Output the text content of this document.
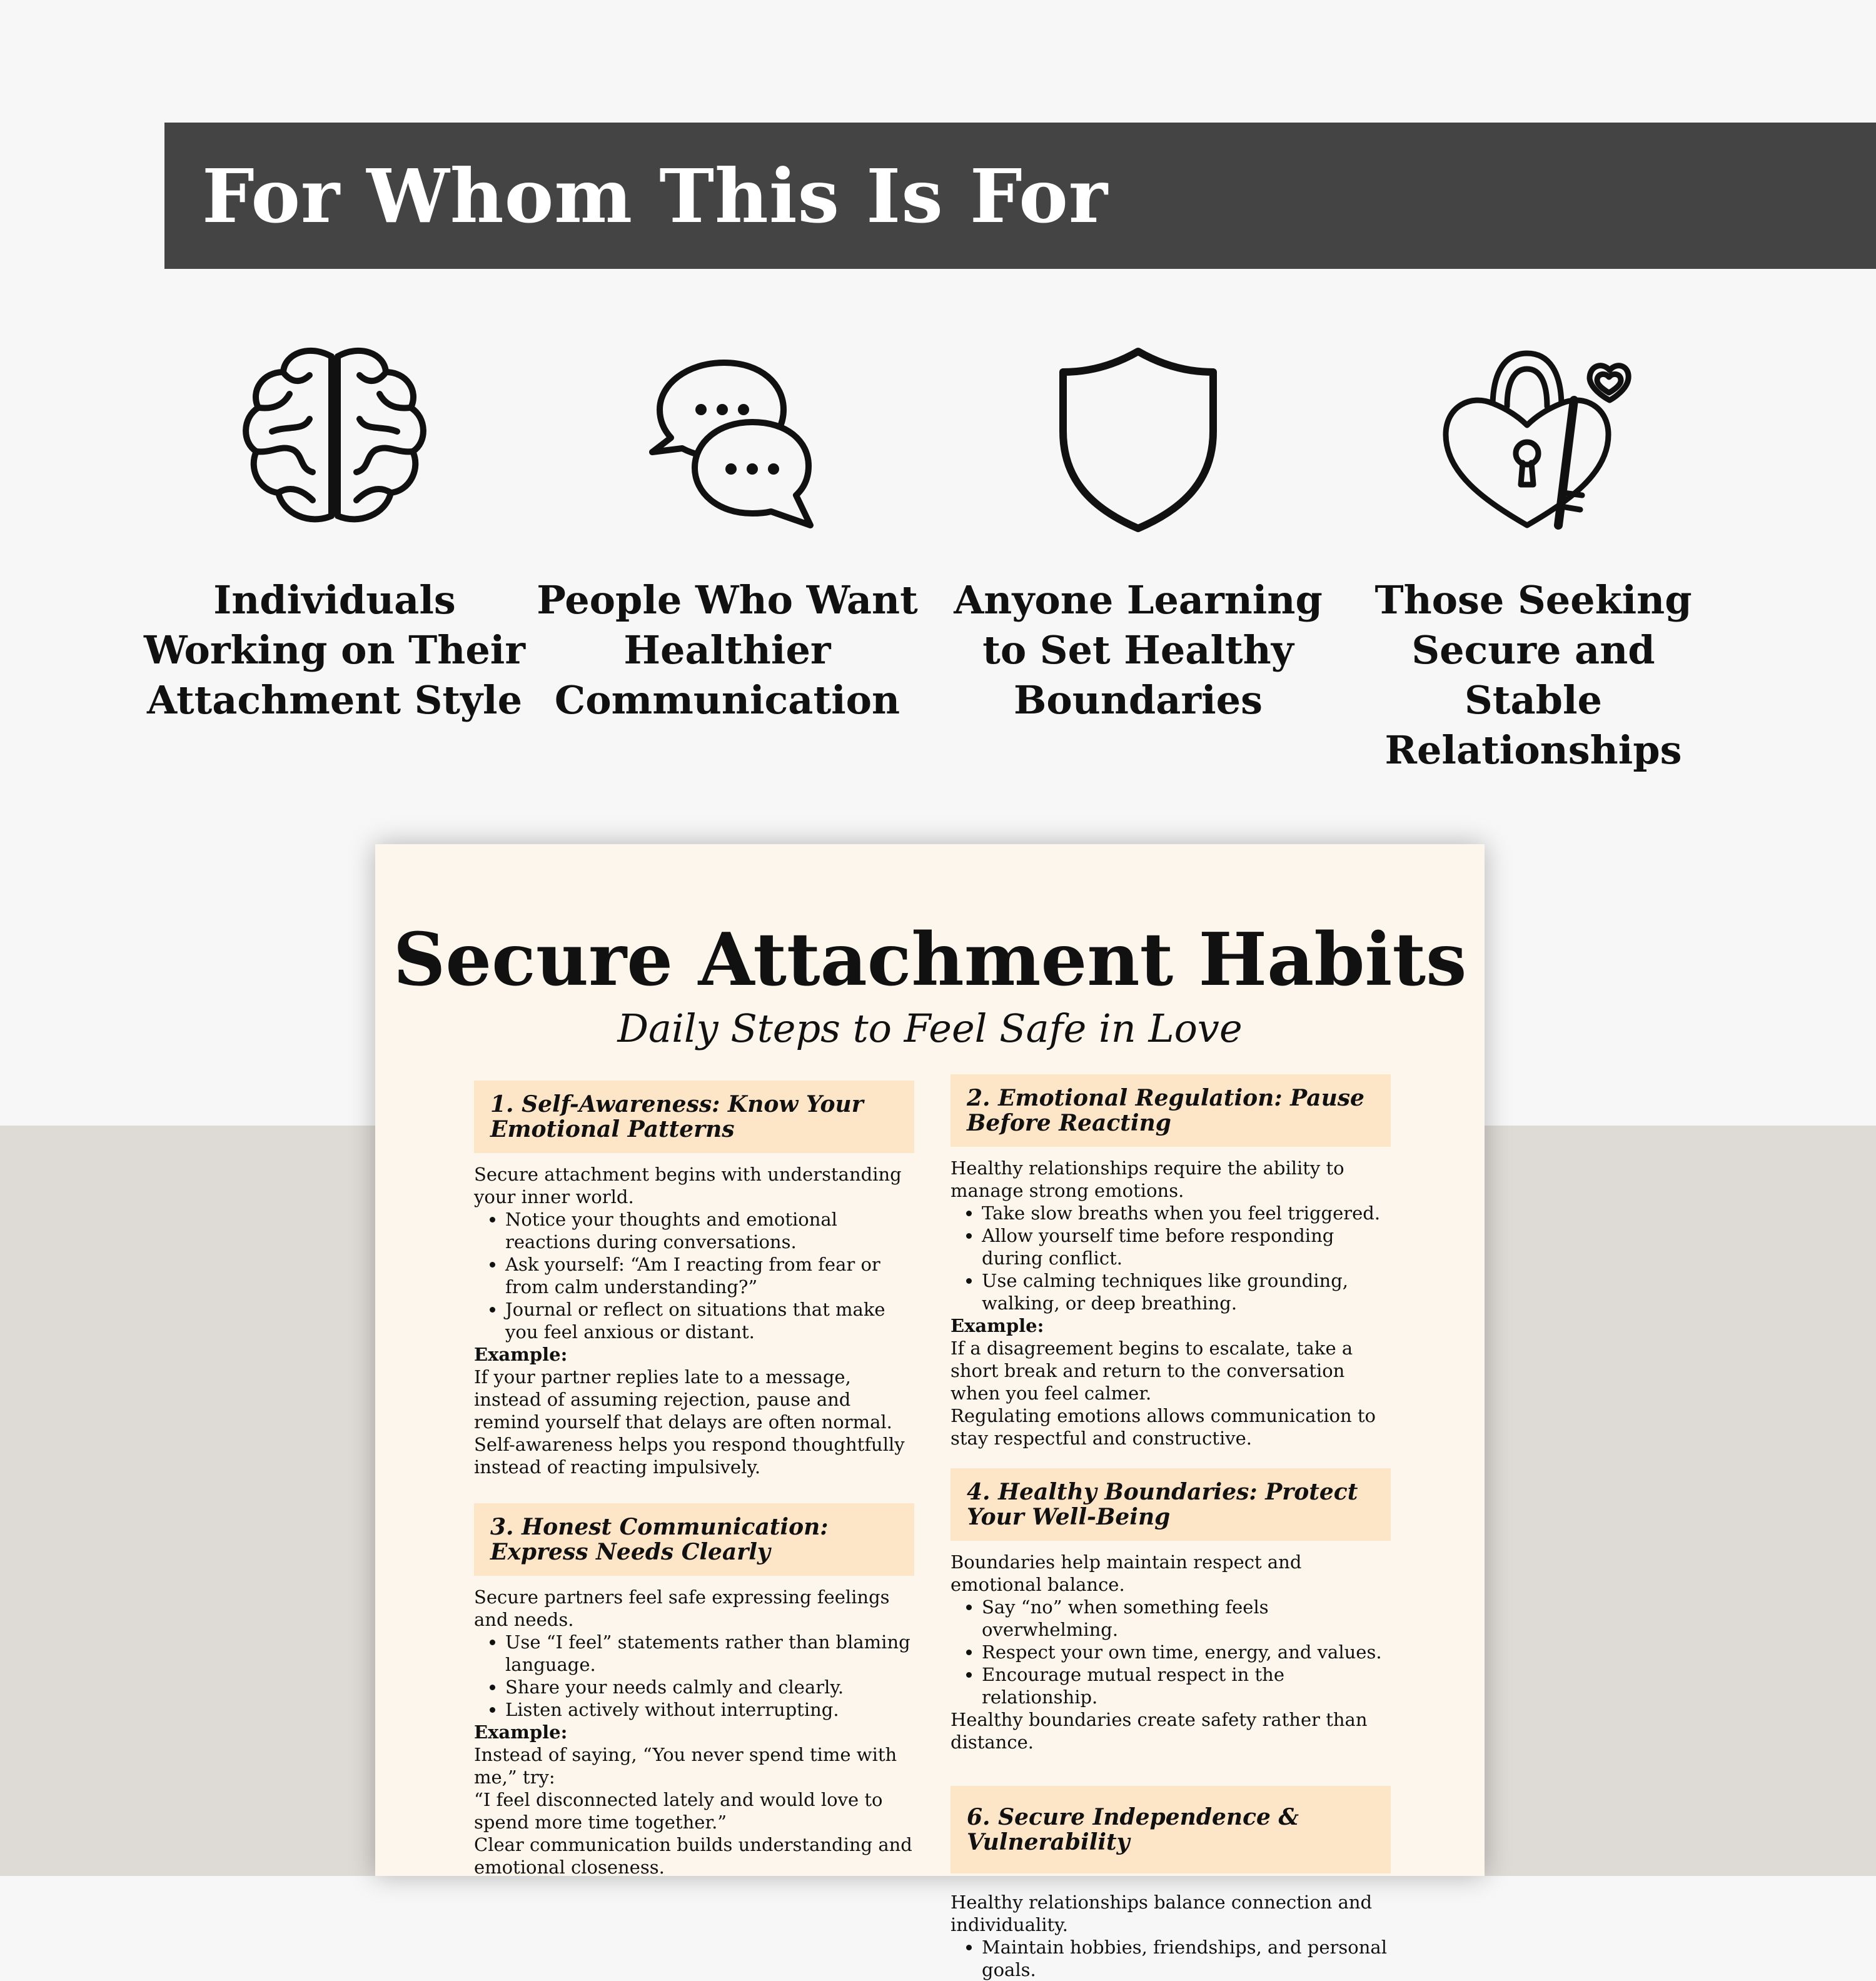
For Whom This Is For
Individuals Working on Their Attachment Style
People Who Want Healthier Communication
Anyone Learning to Set Healthy Boundaries
Those Seeking Secure and Stable Relationships
Secure Attachment Habits
Daily Steps to Feel Safe in Love
1. Self-Awareness: Know Your Emotional Patterns

Secure attachment begins with understanding your inner world.

• Notice your thoughts and emotional reactions during conversations.
• Ask yourself: “Am I reacting from fear or from calm understanding?”
• Journal or reflect on situations that make you feel anxious or distant.

Example:

If your partner replies late to a message, instead of assuming rejection, pause and remind yourself that delays are often normal.

Self-awareness helps you respond thoughtfully instead of reacting impulsively.

3. Honest Communication: Express Needs Clearly

Secure partners feel safe expressing feelings and needs.

• Use “I feel” statements rather than blaming language.
• Share your needs calmly and clearly.
• Listen actively without interrupting.

Example:

Instead of saying, “You never spend time with me,” try:

“I feel disconnected lately and would love to spend more time together.”

Clear communication builds understanding and emotional closeness.

2. Emotional Regulation: Pause Before Reacting

Healthy relationships require the ability to manage strong emotions.

• Take slow breaths when you feel triggered.
• Allow yourself time before responding during conflict.
• Use calming techniques like grounding, walking, or deep breathing.

Example:

If a disagreement begins to escalate, take a short break and return to the conversation when you feel calmer.

Regulating emotions allows communication to stay respectful and constructive.

4. Healthy Boundaries: Protect Your Well-Being

Boundaries help maintain respect and emotional balance.

• Say “no” when something feels overwhelming.
• Respect your own time, energy, and values.
• Encourage mutual respect in the relationship.

Healthy boundaries create safety rather than distance.

6. Secure Independence & Vulnerability

Healthy relationships balance connection and individuality.

• Maintain hobbies, friendships, and personal goals.
